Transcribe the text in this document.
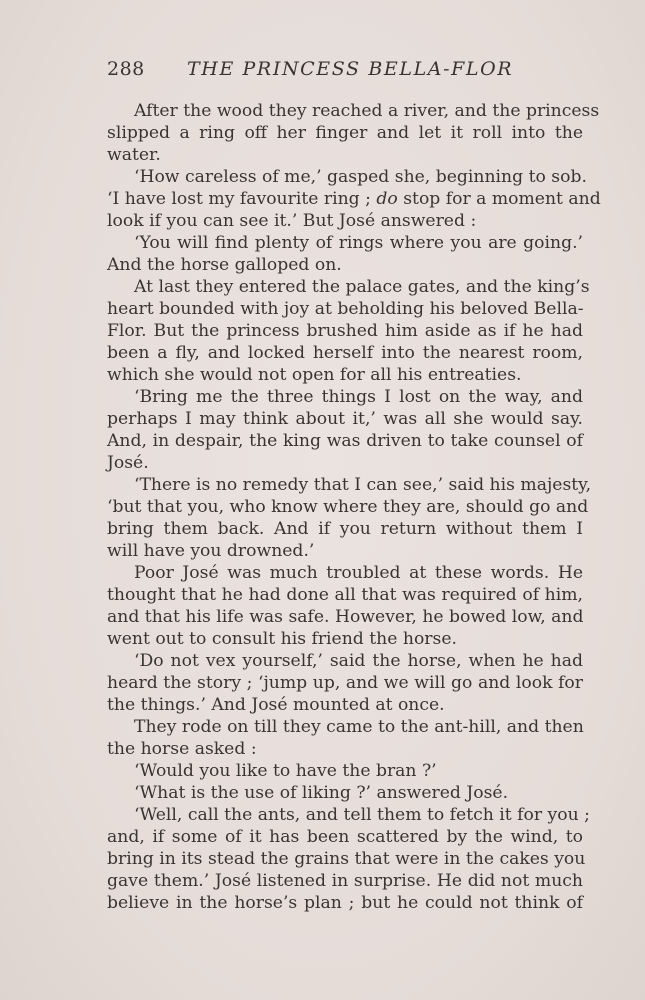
288 THE PRINCESS BELLA-FLOR
After the wood they reached a river, and the princess
slipped a ring off her finger and let it roll into the
water.
‘How careless of me,’ gasped she, beginning to sob.
‘I have lost my favourite ring ; do stop for a moment and
look if you can see it.’ But José answered :
‘You will find plenty of rings where you are going.’
And the horse galloped on.
At last they entered the palace gates, and the king’s
heart bounded with joy at beholding his beloved Bella-
Flor. But the princess brushed him aside as if he had
been a fly, and locked herself into the nearest room,
which she would not open for all his entreaties.
‘Bring me the three things I lost on the way, and
perhaps I may think about it,’ was all she would say.
And, in despair, the king was driven to take counsel of
José.
‘There is no remedy that I can see,’ said his majesty,
‘but that you, who know where they are, should go and
bring them back. And if you return without them I
will have you drowned.’
Poor José was much troubled at these words. He
thought that he had done all that was required of him,
and that his life was safe. However, he bowed low, and
went out to consult his friend the horse.
‘Do not vex yourself,’ said the horse, when he had
heard the story ; ‘jump up, and we will go and look for
the things.’ And José mounted at once.
They rode on till they came to the ant-hill, and then
the horse asked :
‘Would you like to have the bran ?’
‘What is the use of liking ?’ answered José.
‘Well, call the ants, and tell them to fetch it for you ;
and, if some of it has been scattered by the wind, to
bring in its stead the grains that were in the cakes you
gave them.’ José listened in surprise. He did not much
believe in the horse’s plan ; but he could not think of
